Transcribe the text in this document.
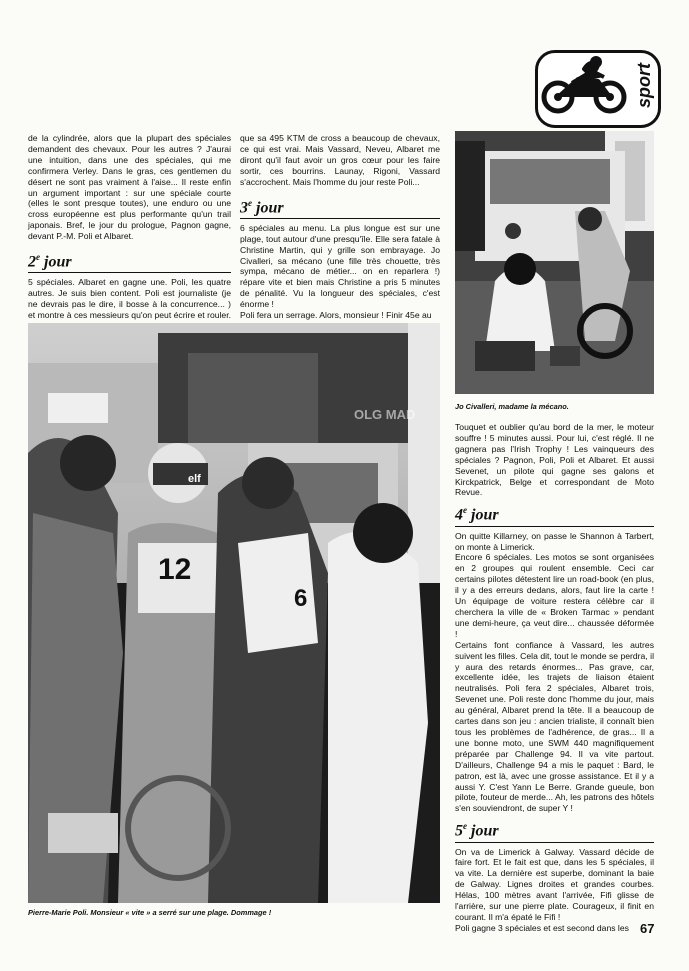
sport

de la cylindrée, alors que la plupart des spéciales demandent des chevaux. Pour les autres ? J'aurai une intuition, dans une des spéciales, qui me confirmera Verley. Dans le gras, ces gentlemen du désert ne sont pas vraiment à l'aise... Il reste enfin un argument important : sur une spéciale courte (elles le sont presque toutes), une enduro ou une cross européenne est plus performante qu'un trail japonais. Bref, le jour du prologue, Pagnon gagne, devant P.-M. Poli et Albaret.

2e jour

5 spéciales. Albaret en gagne une. Poli, les quatre autres. Je suis bien content. Poli est journaliste (je ne devrais pas le dire, il bosse à la concurrence... ) et montre à ces messieurs qu'on peut écrire et rouler.

que sa 495 KTM de cross a beaucoup de chevaux, ce qui est vrai. Mais Vassard, Neveu, Albaret me diront qu'il faut avoir un gros cœur pour les faire sortir, ces bourrins. Launay, Rigoni, Vassard s'accrochent. Mais l'homme du jour reste Poli...

3e jour

6 spéciales au menu. La plus longue est sur une plage, tout autour d'une presqu'île. Elle sera fatale à Christine Martin, qui y grille son embrayage. Jo Civalleri, sa mécano (une fille très chouette, très sympa, mécano de métier... on en reparlera !) répare vite et bien mais Christine a pris 5 minutes de pénalité. Vu la longueur des spéciales, c'est énorme !

Poli fera un serrage. Alors, monsieur ! Finir 45e au

12
6
elf
OLG MAD
Pierre-Marie Poli. Monsieur « vite » a serré sur une plage. Dommage !
Jo Civalleri, madame la mécano.

Touquet et oublier qu'au bord de la mer, le moteur souffre ! 5 minutes aussi. Pour lui, c'est réglé. Il ne gagnera pas l'Irish Trophy ! Les vainqueurs des spéciales ? Pagnon, Poli, Poli et Albaret. Et aussi Sevenet, un pilote qui gagne ses galons et Kirckpatrick, Belge et correspondant de Moto Revue.

4e jour

On quitte Killarney, on passe le Shannon à Tarbert, on monte à Limerick.

Encore 6 spéciales. Les motos se sont organisées en 2 groupes qui roulent ensemble. Ceci car certains pilotes détestent lire un road-book (en plus, il y a des erreurs dedans, alors, faut lire la carte ! Un équipage de voiture restera célèbre car il cherchera la ville de « Broken Tarmac » pendant une demi-heure, ça veut dire... chaussée déformée !

Certains font confiance à Vassard, les autres suivent les filles. Cela dit, tout le monde se perdra, il y aura des retards énormes... Pas grave, car, excellente idée, les trajets de liaison étaient neutralisés. Poli fera 2 spéciales, Albaret trois, Sevenet une. Poli reste donc l'homme du jour, mais au général, Albaret prend la tête. Il a beaucoup de cartes dans son jeu : ancien trialiste, il connaît bien tous les problèmes de l'adhérence, de gras... Il a une bonne moto, une SWM 440 magnifiquement préparée par Challenge 94. Il va vite partout. D'ailleurs, Challenge 94 a mis le paquet : Bard, le patron, est là, avec une grosse assistance. Et il y a aussi Y. C'est Yann Le Berre. Grande gueule, bon pilote, fouteur de merde... Ah, les patrons des hôtels s'en souviendront, de super Y !

5e jour

On va de Limerick à Galway. Vassard décide de faire fort. Et le fait est que, dans les 5 spéciales, il va vite. La dernière est superbe, dominant la baie de Galway. Lignes droites et grandes courbes. Hélas, 100 mètres avant l'arrivée, Fifi glisse de l'arrière, sur une pierre plate. Courageux, il finit en courant. Il m'a épaté le Fifi !

Poli gagne 3 spéciales et est second dans les 67
